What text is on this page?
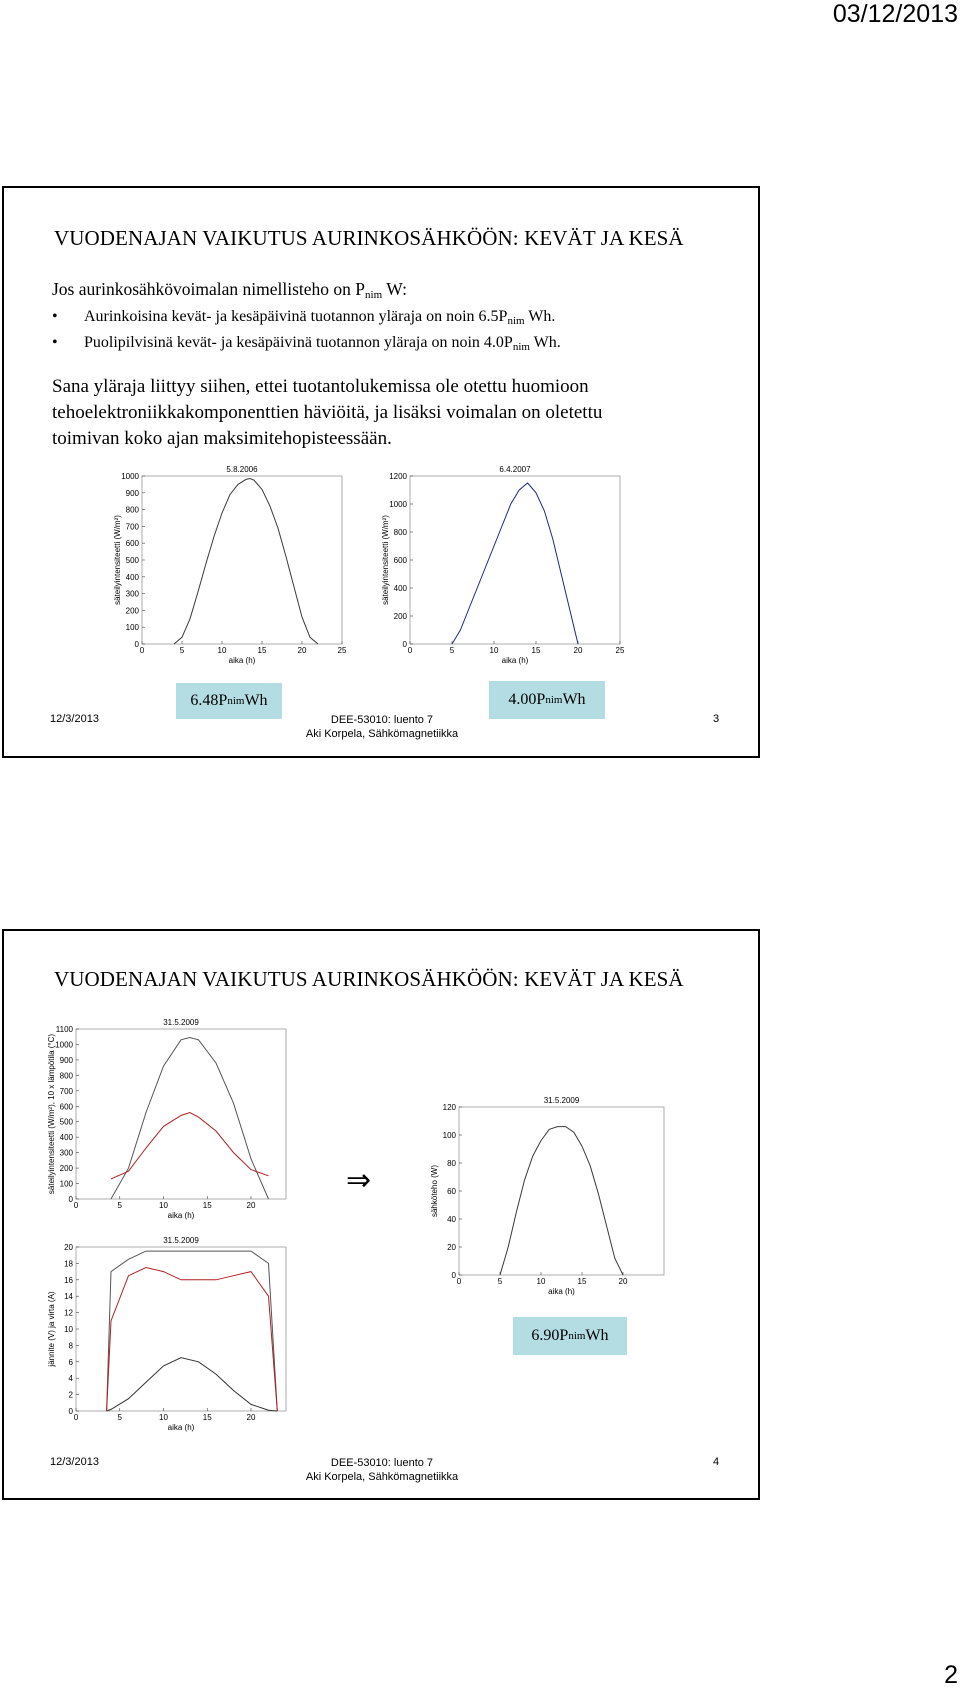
03/12/2013
VUODENAJAN VAIKUTUS AURINKOSÄHKÖÖN: KEVÄT JA KESÄ
Jos aurinkosähkövoimalan nimellisteho on $P_{nim}$ W:
• Aurinkoisina kevät- ja kesäpäivinä tuotannon yläraja on noin $6.5P_{nim}$ Wh.
• Puolipilvisinä kevät- ja kesäpäivinä tuotannon yläraja on noin $4.0P_{nim}$ Wh.
Sana yläraja liittyy siihen, ettei tuotantolukemissa ole otettu huomioon
tehoelektroniikkakomponenttien häviöitä, ja lisäksi voimalan on oletettu
toimivan koko ajan maksimitehopisteessään.
0	5	10	15	20	25
0
100
200
300
400
500
600
700
800
900
1000
5.8.2006
aika (h)
säteilyintensiteetti (W/m²)
0	5	10	15	20	25
0
200
400
600
800
1000
1200
6.4.2007
aika (h)
säteilyintensiteetti (W/m²)
6.48P nim Wh	4.00P nim Wh
12/3/2013	DEE-53010: luento 7
Aki Korpela, Sähkömagnetiikka
3
VUODENAJAN VAIKUTUS AURINKOSÄHKÖÖN: KEVÄT JA KESÄ
0	5	10	15	20
0
100
200
300
400
500
600
700
800
900
1000
1100
31.5.2009
aika (h)
säteilyintensiteetti (W/m²), 10 x lämpötila (°C)
0	5	10	15	20
0
2
4
6
8
10
12
14
16
18
20
31.5.2009
aika (h)
jännite (V) ja virta (A)
⇒
0	5	10	15	20
0
20
40
60
80
100
120
31.5.2009
aika (h)
sähköteho (W)
6.90P nim Wh
12/3/2013	DEE-53010: luento 7
Aki Korpela, Sähkömagnetiikka
4
2
